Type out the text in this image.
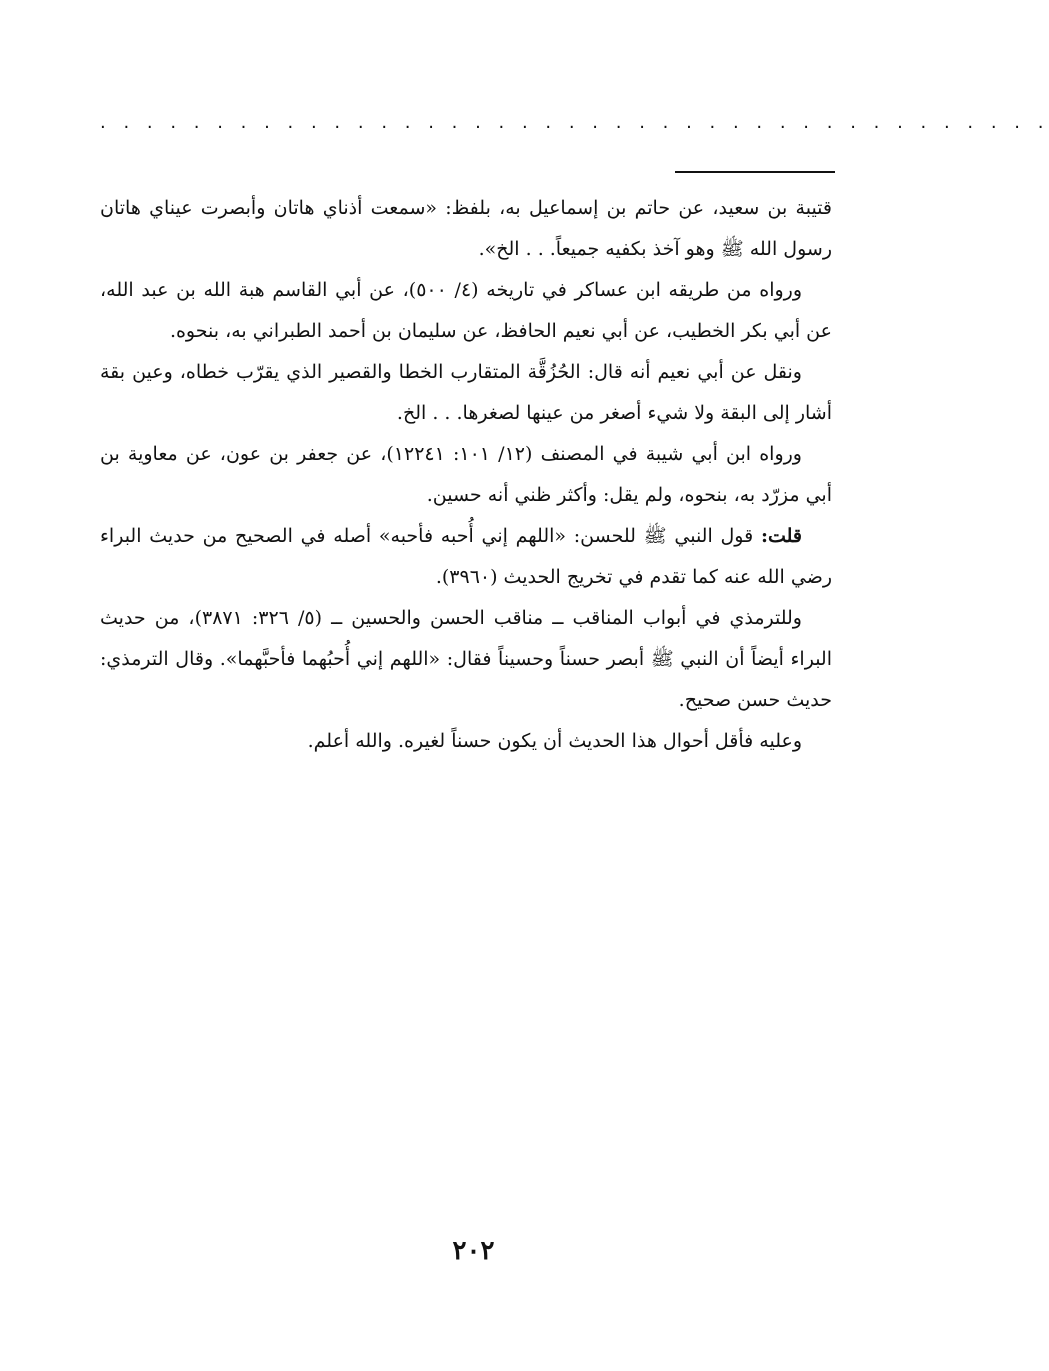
. . . . . . . . . . . . . . . . . . . . . . . . . . . . . . . . . . . . . . . . .

قتيبة بن سعيد، عن حاتم بن إسماعيل به، بلفظ: «سمعت أذناي هاتان وأبصرت عيناي هاتان رسول الله ﷺ وهو آخذ بكفيه جميعاً. . . الخ».

ورواه من طريقه ابن عساكر في تاريخه (٤/ ٥٠٠)، عن أبي القاسم هبة الله بن عبد الله، عن أبي بكر الخطيب، عن أبي نعيم الحافظ، عن سليمان بن أحمد الطبراني به، بنحوه.

ونقل عن أبي نعيم أنه قال: الحُزُقَّة المتقارب الخطا والقصير الذي يقرّب خطاه، وعين بقة أشار إلى البقة ولا شيء أصغر من عينها لصغرها. . . الخ.

ورواه ابن أبي شيبة في المصنف (١٢/ ١٠١: ١٢٢٤١)، عن جعفر بن عون، عن معاوية بن أبي مزرّد به، بنحوه، ولم يقل: وأكثر ظني أنه حسين.

قلت: قول النبي ﷺ للحسن: «اللهم إني أُحبه فأحبه» أصله في الصحيح من حديث البراء رضي الله عنه كما تقدم في تخريج الحديث (٣٩٦٠).

وللترمذي في أبواب المناقب ــ مناقب الحسن والحسين ــ (٥/ ٣٢٦: ٣٨٧١)، من حديث البراء أيضاً أن النبي ﷺ أبصر حسناً وحسيناً فقال: «اللهم إني أُحبُهما فأحبَّهما». وقال الترمذي: حديث حسن صحيح.

وعليه فأقل أحوال هذا الحديث أن يكون حسناً لغيره. والله أعلم.

٢٠٢
